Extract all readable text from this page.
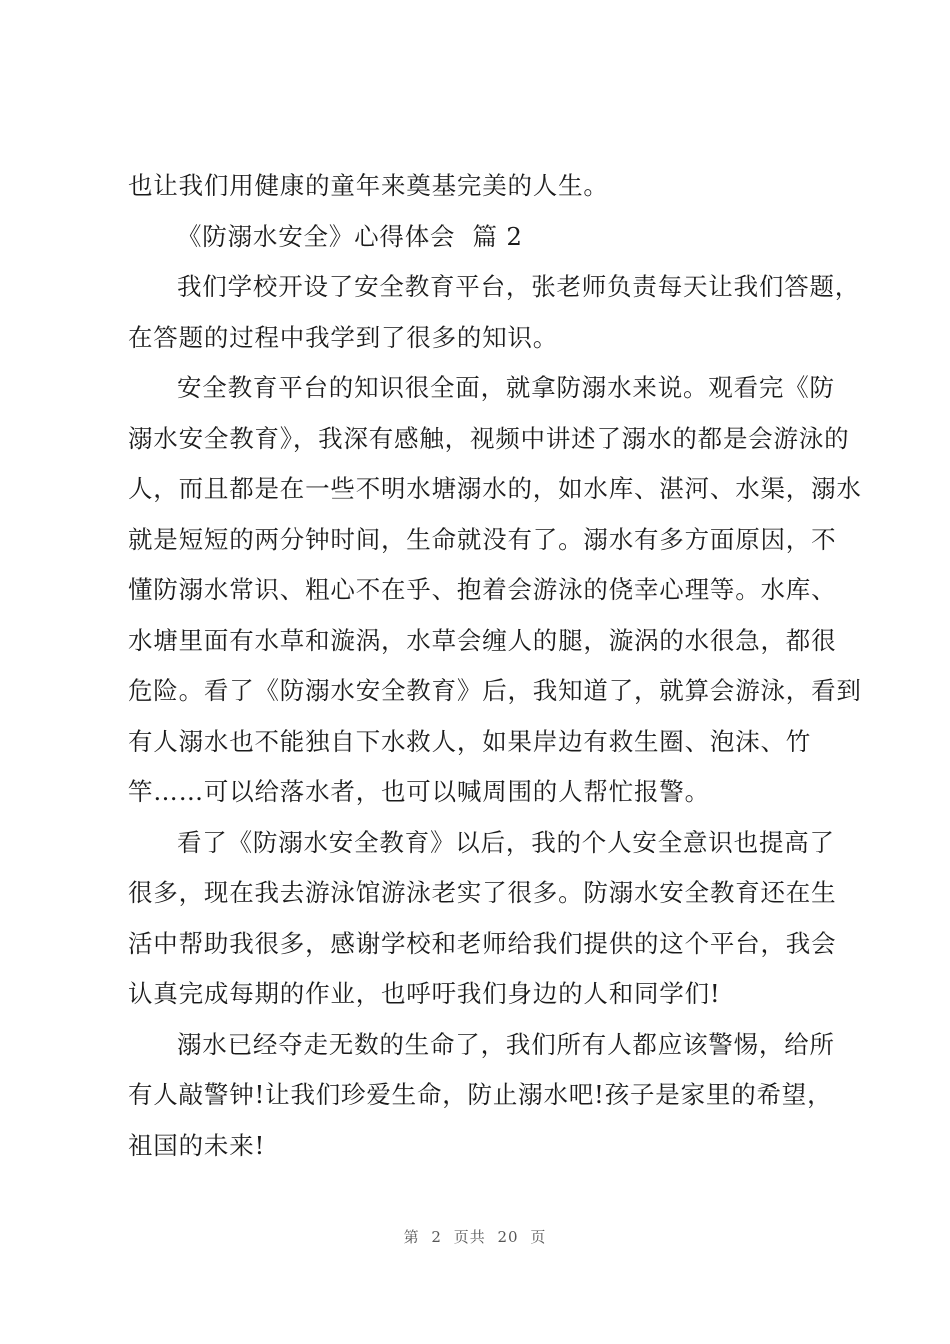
也让我们用健康的童年来奠基完美的人生。

《防溺水安全》心得体会  篇 2

我们学校开设了安全教育平台，张老师负责每天让我们答题，

在答题的过程中我学到了很多的知识。

安全教育平台的知识很全面，就拿防溺水来说。观看完《防

溺水安全教育》，我深有感触，视频中讲述了溺水的都是会游泳的

人，而且都是在一些不明水塘溺水的，如水库、湛河、水渠，溺水

就是短短的两分钟时间，生命就没有了。溺水有多方面原因，不

懂防溺水常识、粗心不在乎、抱着会游泳的侥幸心理等。水库、

水塘里面有水草和漩涡，水草会缠人的腿，漩涡的水很急，都很

危险。看了《防溺水安全教育》后，我知道了，就算会游泳，看到

有人溺水也不能独自下水救人，如果岸边有救生圈、泡沫、竹

竿……可以给落水者，也可以喊周围的人帮忙报警。

看了《防溺水安全教育》以后，我的个人安全意识也提高了

很多，现在我去游泳馆游泳老实了很多。防溺水安全教育还在生

活中帮助我很多，感谢学校和老师给我们提供的这个平台，我会

认真完成每期的作业，也呼吁我们身边的人和同学们!

溺水已经夺走无数的生命了，我们所有人都应该警惕，给所

有人敲警钟!让我们珍爱生命，防止溺水吧!孩子是家里的希望，

祖国的未来!

第 2 页共 20 页
